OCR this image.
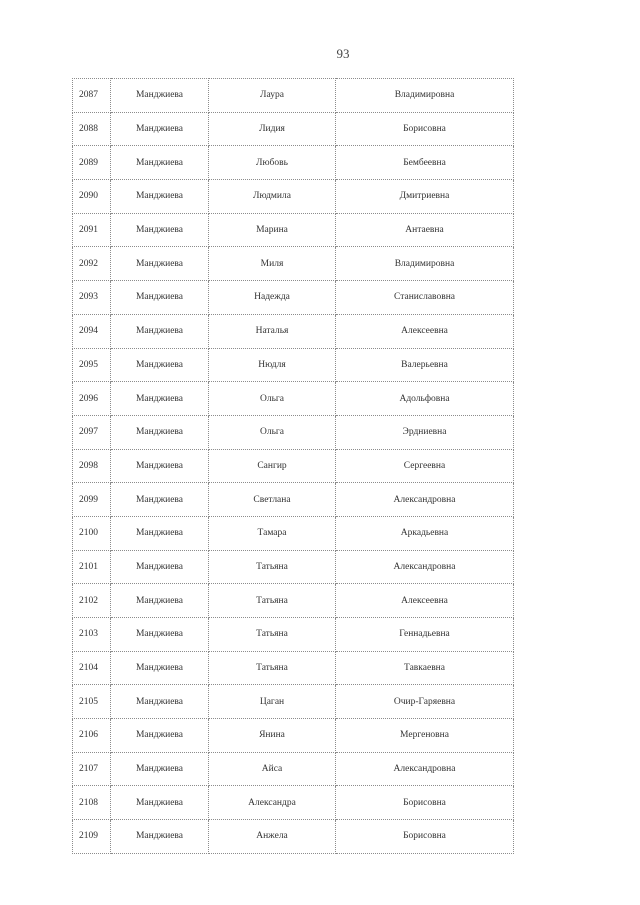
93
2087	Манджиева	Лаура	Владимировна
2088	Манджиева	Лидия	Борисовна
2089	Манджиева	Любовь	Бембеевна
2090	Манджиева	Людмила	Дмитриевна
2091	Манджиева	Марина	Антаевна
2092	Манджиева	Миля	Владимировна
2093	Манджиева	Надежда	Станиславовна
2094	Манджиева	Наталья	Алексеевна
2095	Манджиева	Нюдля	Валерьевна
2096	Манджиева	Ольга	Адольфовна
2097	Манджиева	Ольга	Эрдниевна
2098	Манджиева	Сангир	Сергеевна
2099	Манджиева	Светлана	Александровна
2100	Манджиева	Тамара	Аркадьевна
2101	Манджиева	Татьяна	Александровна
2102	Манджиева	Татьяна	Алексеевна
2103	Манджиева	Татьяна	Геннадьевна
2104	Манджиева	Татьяна	Тавкаевна
2105	Манджиева	Цаган	Очир-Гаряевна
2106	Манджиева	Янина	Мергеновна
2107	Манджиева	Айса	Александровна
2108	Манджиева	Александра	Борисовна
2109	Манджиева	Анжела	Борисовна
